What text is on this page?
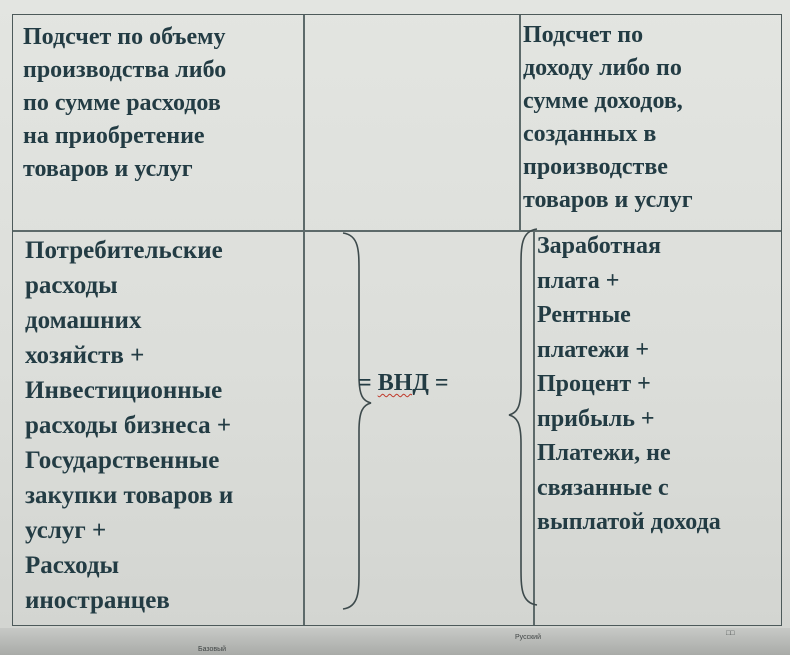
Подсчет по объему
производства либо
по сумме расходов
на приобретение
товаров и услуг
Подсчет по
доходу либо по
сумме доходов,
созданных в
производстве
товаров и услуг
Потребительские
расходы
домашних
хозяйств +
Инвестиционные
расходы бизнеса +
Государственные
закупки товаров и
услуг +
Расходы
иностранцев
Заработная
плата +
Рентные
платежи +
Процент +
прибыль +
Платежи, не
связанные с
выплатой дохода
= ВНД =
Базовый
Русский
□□
